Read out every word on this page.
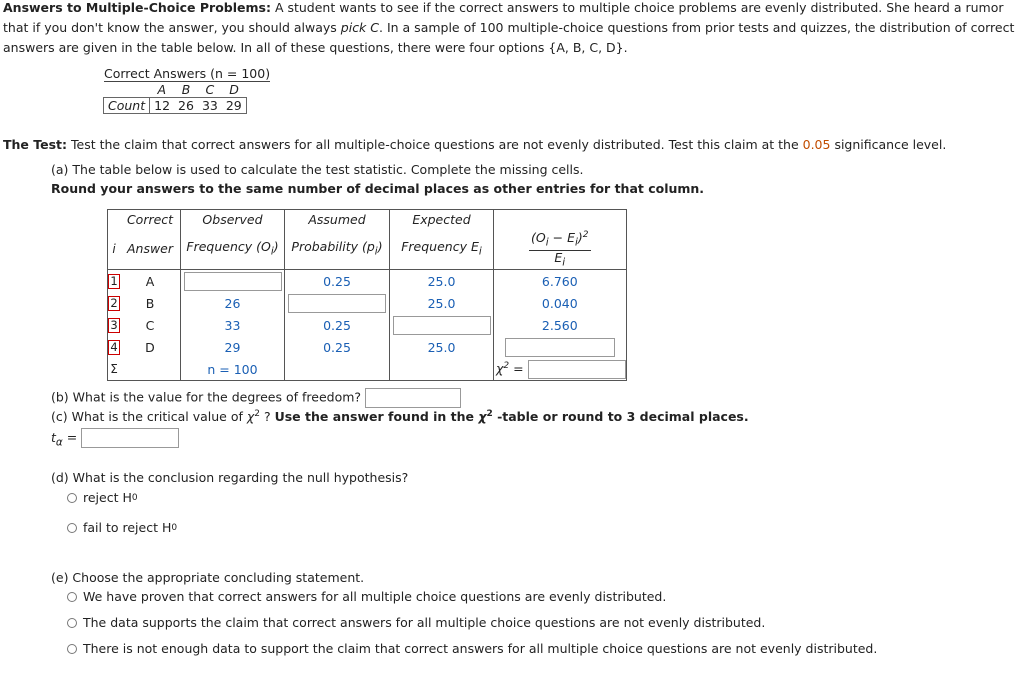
Answers to Multiple-Choice Problems: A student wants to see if the correct answers to multiple choice problems are evenly distributed. She heard a rumor that if you don't know the answer, you should always pick C. In a sample of 100 multiple-choice questions from prior tests and quizzes, the distribution of correct answers are given in the table below. In all of these questions, there were four options {A, B, C, D}.
Correct Answers (n = 100)
	A	B	C	D
Count	12	26	33	29
The Test: Test the claim that correct answers for all multiple-choice questions are not evenly distributed. Test this claim at the 0.05 significance level.
(a) The table below is used to calculate the test statistic. Complete the missing cells.
Round your answers to the same number of decimal places as other entries for that column.
	Correct	Observed	Assumed	Expected	
i	Answer	Frequency $(O_i)$	Probability $(p_i)$	Frequency $E_i$	$\frac{(O_i - E_i)^2}{E_i}$

1	A		0.25	25.0	6.760
2	B	26		25.0	0.040
3	C	33	0.25		2.560
4	D	29	0.25	25.0	
Σ		n = 100			$\chi^2$ =
(b) What is the value for the degrees of freedom?
(c) What is the critical value of $\chi^2$ ? Use the answer found in the $\chi^2$ -table or round to 3 decimal places.
$t_\alpha$ =
(d) What is the conclusion regarding the null hypothesis?
reject H 0
fail to reject H 0
(e) Choose the appropriate concluding statement.
We have proven that correct answers for all multiple choice questions are evenly distributed.
The data supports the claim that correct answers for all multiple choice questions are not evenly distributed.
There is not enough data to support the claim that correct answers for all multiple choice questions are not evenly distributed.
